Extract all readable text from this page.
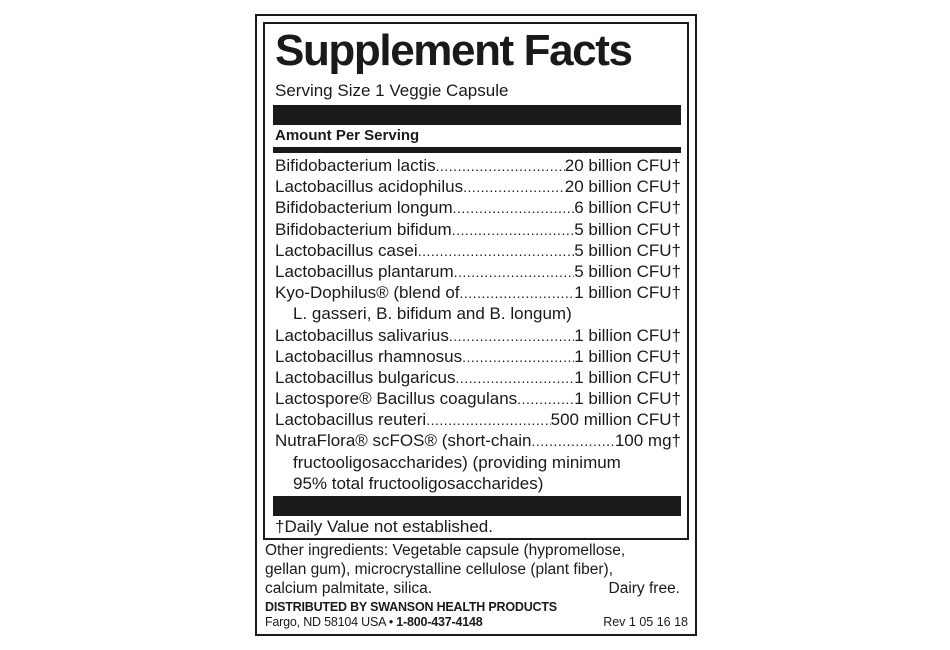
Supplement Facts
Serving Size 1 Veggie Capsule
Amount Per Serving
Bifidobacterium lactis .....	20 billion CFU†
Lactobacillus acidophilus .....	20 billion CFU†
Bifidobacterium longum .....	6 billion CFU†
Bifidobacterium bifidum .....	5 billion CFU†
Lactobacillus casei .....	5 billion CFU†
Lactobacillus plantarum .....	5 billion CFU†
Kyo-Dophilus® (blend of .....	1 billion CFU†
L. gasseri, B. bifidum and B. longum)
Lactobacillus salivarius .....	1 billion CFU†
Lactobacillus rhamnosus .....	1 billion CFU†
Lactobacillus bulgaricus .....	1 billion CFU†
Lactospore® Bacillus coagulans .....	1 billion CFU†
Lactobacillus reuteri .....	500 million CFU†
NutraFlora® scFOS® (short-chain .....	100 mg†
fructooligosaccharides) (providing minimum
95% total fructooligosaccharides)
†Daily Value not established.
Other ingredients: Vegetable capsule (hypromellose,
gellan gum), microcrystalline cellulose (plant fiber),
calcium palmitate, silica.	Dairy free.
DISTRIBUTED BY SWANSON HEALTH PRODUCTS
Fargo, ND 58104 USA • 1-800-437-4148	Rev 1 05 16 18
